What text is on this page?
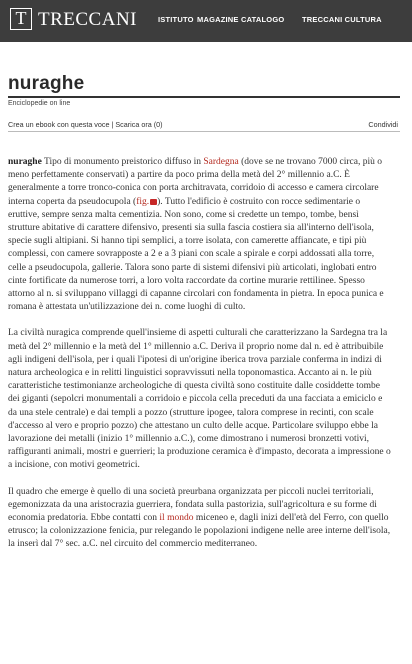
T TRECCANI	ISTITUTO MAGAZINE CATALOGO TRECCANI CULTURA
nuraghe
Enciclopedie on line
Crea un ebook con questa voce | Scarica ora (0)	Condividi

nuraghe Tipo di monumento preistorico diffuso in Sardegna (dove se ne trovano 7000 circa, più o meno perfettamente conservati) a partire da poco prima della metà del 2° millennio a.C. È generalmente a torre tronco-conica con porta architravata, corridoio di accesso e camera circolare interna coperta da pseudocupola (fig. ). Tutto l'edificio è costruito con rocce sedimentarie o eruttive, sempre senza malta cementizia. Non sono, come si credette un tempo, tombe, bensì strutture abitative di carattere difensivo, presenti sia sulla fascia costiera sia all'interno dell'isola, specie sugli altipiani. Si hanno tipi semplici, a torre isolata, con camerette affiancate, e tipi più complessi, con camere sovrapposte a 2 e a 3 piani con scale a spirale e corpi addossati alla torre, celle a pseudocupola, gallerie. Talora sono parte di sistemi difensivi più articolati, inglobati entro cinte fortificate da numerose torri, a loro volta raccordate da cortine murarie rettilinee. Spesso attorno al n. si sviluppano villaggi di capanne circolari con fondamenta in pietra. In epoca punica e romana è attestata un'utilizzazione dei n. come luoghi di culto.

La civiltà nuragica comprende quell'insieme di aspetti culturali che caratterizzano la Sardegna tra la metà del 2° millennio e la metà del 1° millennio a.C. Deriva il proprio nome dal n. ed è attribuibile agli indigeni dell'isola, per i quali l'ipotesi di un'origine iberica trova parziale conferma in indizi di natura archeologica e in relitti linguistici sopravvissuti nella toponomastica. Accanto ai n. le più caratteristiche testimonianze archeologiche di questa civiltà sono costituite dalle cosiddette tombe dei giganti (sepolcri monumentali a corridoio e piccola cella preceduti da una facciata a emiciclo e da una stele centrale) e dai templi a pozzo (strutture ipogee, talora comprese in recinti, con scale d'accesso al vero e proprio pozzo) che attestano un culto delle acque. Particolare sviluppo ebbe la lavorazione dei metalli (inizio 1° millennio a.C.), come dimostrano i numerosi bronzetti votivi, raffiguranti animali, mostri e guerrieri; la produzione ceramica è d'impasto, decorata a impressione o a incisione, con motivi geometrici.

Il quadro che emerge è quello di una società preurbana organizzata per piccoli nuclei territoriali, egemonizzata da una aristocrazia guerriera, fondata sulla pastorizia, sull'agricoltura e su forme di economia predatoria. Ebbe contatti con il mondo miceneo e, dagli inizi dell'età del Ferro, con quello etrusco; la colonizzazione fenicia, pur relegando le popolazioni indigene nelle aree interne dell'isola, la inserì dal 7° sec. a.C. nel circuito del commercio mediterraneo.
